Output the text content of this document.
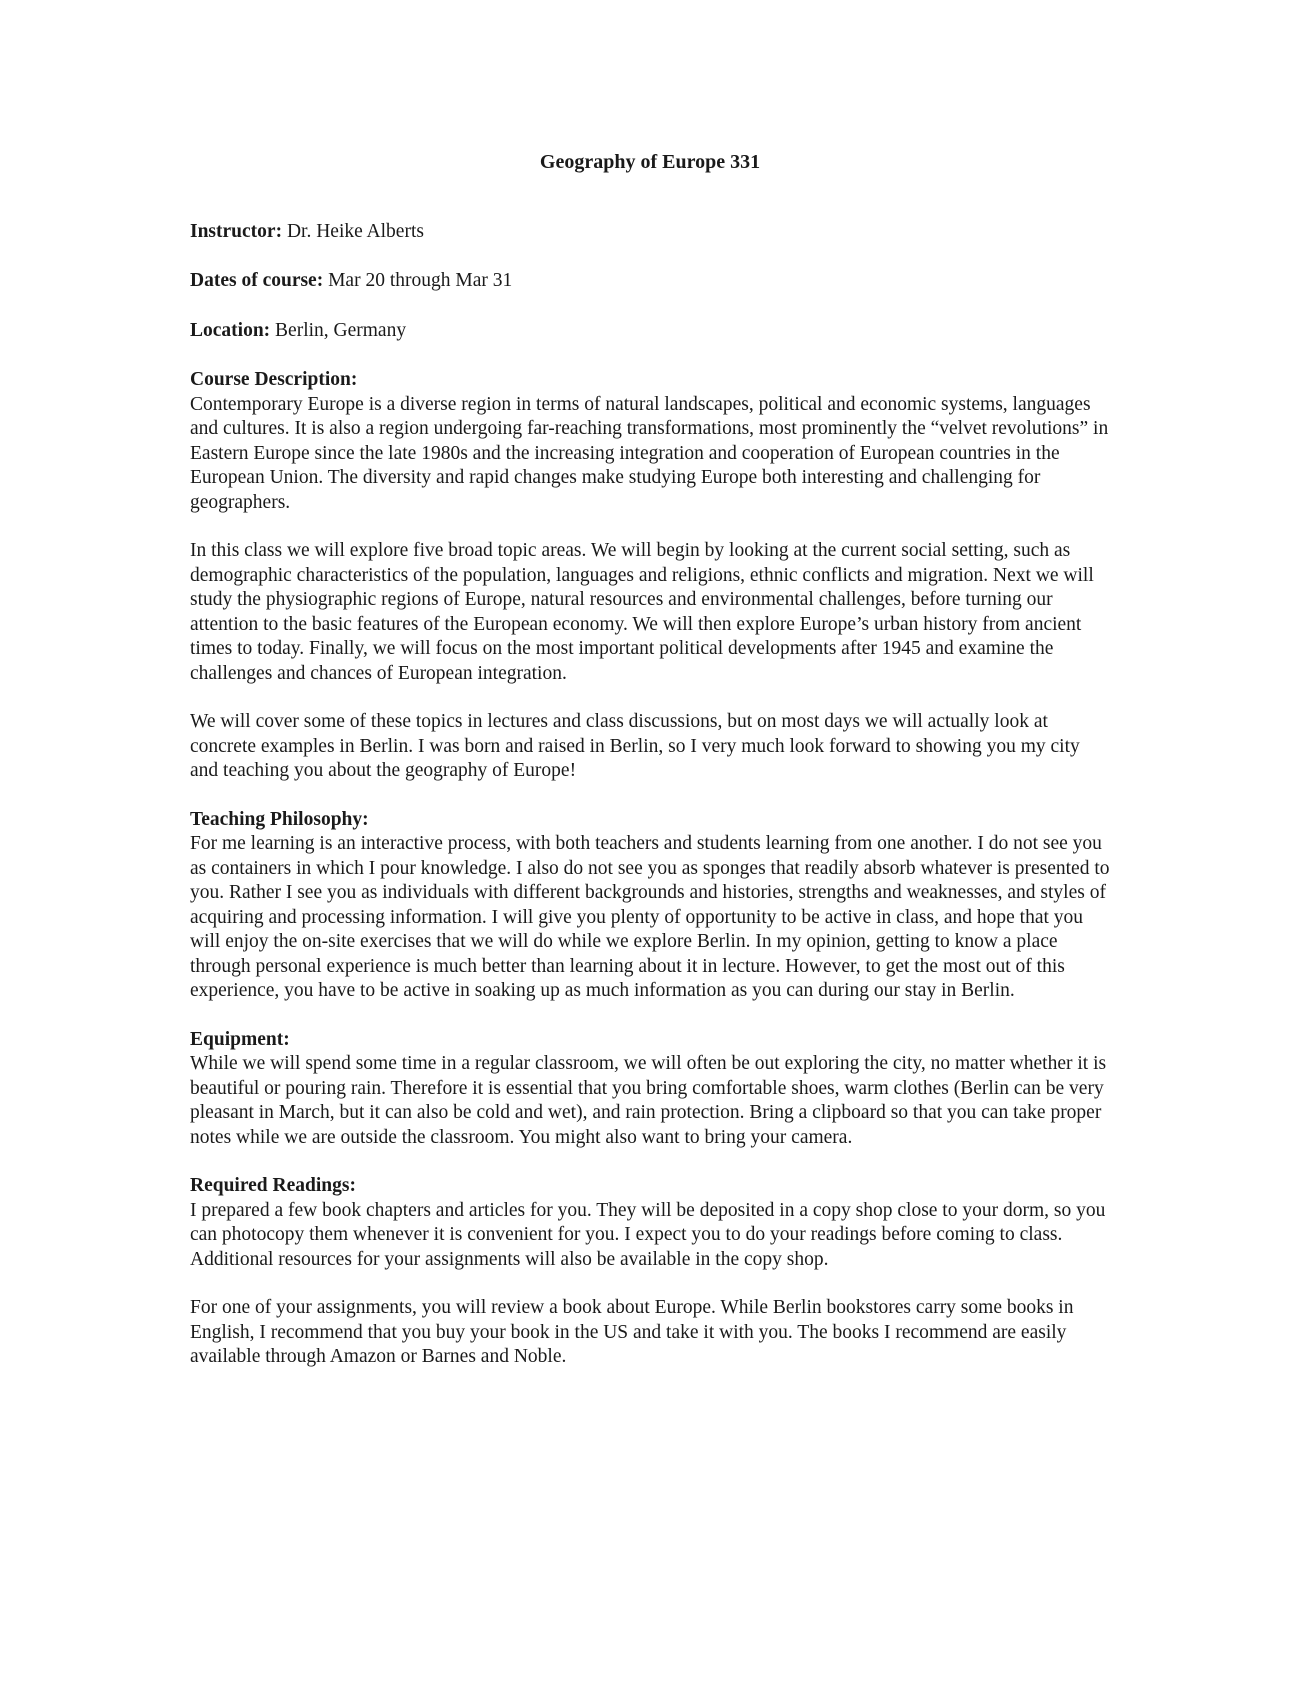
Geography of Europe 331

Instructor: Dr. Heike Alberts

Dates of course: Mar 20 through Mar 31

Location: Berlin, Germany

Course Description:

Contemporary Europe is a diverse region in terms of natural landscapes, political and economic systems, languages and cultures. It is also a region undergoing far-reaching transformations, most prominently the “velvet revolutions” in Eastern Europe since the late 1980s and the increasing integration and cooperation of European countries in the European Union. The diversity and rapid changes make studying Europe both interesting and challenging for geographers.

In this class we will explore five broad topic areas. We will begin by looking at the current social setting, such as demographic characteristics of the population, languages and religions, ethnic conflicts and migration. Next we will study the physiographic regions of Europe, natural resources and environmental challenges, before turning our attention to the basic features of the European economy. We will then explore Europe’s urban history from ancient times to today. Finally, we will focus on the most important political developments after 1945 and examine the challenges and chances of European integration.

We will cover some of these topics in lectures and class discussions, but on most days we will actually look at concrete examples in Berlin. I was born and raised in Berlin, so I very much look forward to showing you my city and teaching you about the geography of Europe!

Teaching Philosophy:

For me learning is an interactive process, with both teachers and students learning from one another. I do not see you as containers in which I pour knowledge. I also do not see you as sponges that readily absorb whatever is presented to you. Rather I see you as individuals with different backgrounds and histories, strengths and weaknesses, and styles of acquiring and processing information. I will give you plenty of opportunity to be active in class, and hope that you will enjoy the on-site exercises that we will do while we explore Berlin. In my opinion, getting to know a place through personal experience is much better than learning about it in lecture. However, to get the most out of this experience, you have to be active in soaking up as much information as you can during our stay in Berlin.

Equipment:

While we will spend some time in a regular classroom, we will often be out exploring the city, no matter whether it is beautiful or pouring rain. Therefore it is essential that you bring comfortable shoes, warm clothes (Berlin can be very pleasant in March, but it can also be cold and wet), and rain protection. Bring a clipboard so that you can take proper notes while we are outside the classroom. You might also want to bring your camera.

Required Readings:

I prepared a few book chapters and articles for you. They will be deposited in a copy shop close to your dorm, so you can photocopy them whenever it is convenient for you. I expect you to do your readings before coming to class. Additional resources for your assignments will also be available in the copy shop.

For one of your assignments, you will review a book about Europe. While Berlin bookstores carry some books in English, I recommend that you buy your book in the US and take it with you. The books I recommend are easily available through Amazon or Barnes and Noble.
